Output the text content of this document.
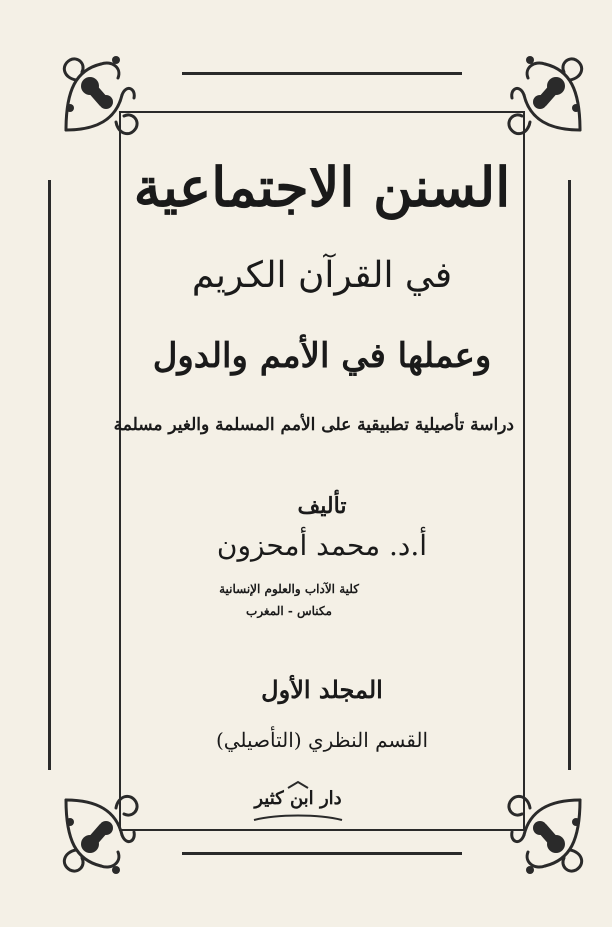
السنن الاجتماعية
في القرآن الكريم
وعملها في الأمم والدول
دراسة تأصيلية تطبيقية على الأمم المسلمة والغير مسلمة
تأليف
أ.د. محمد أمحزون
كلية الآداب والعلوم الإنسانية
مكناس - المغرب
المجلد الأول
القسم النظري (التأصيلي)
دار ابن كثير
